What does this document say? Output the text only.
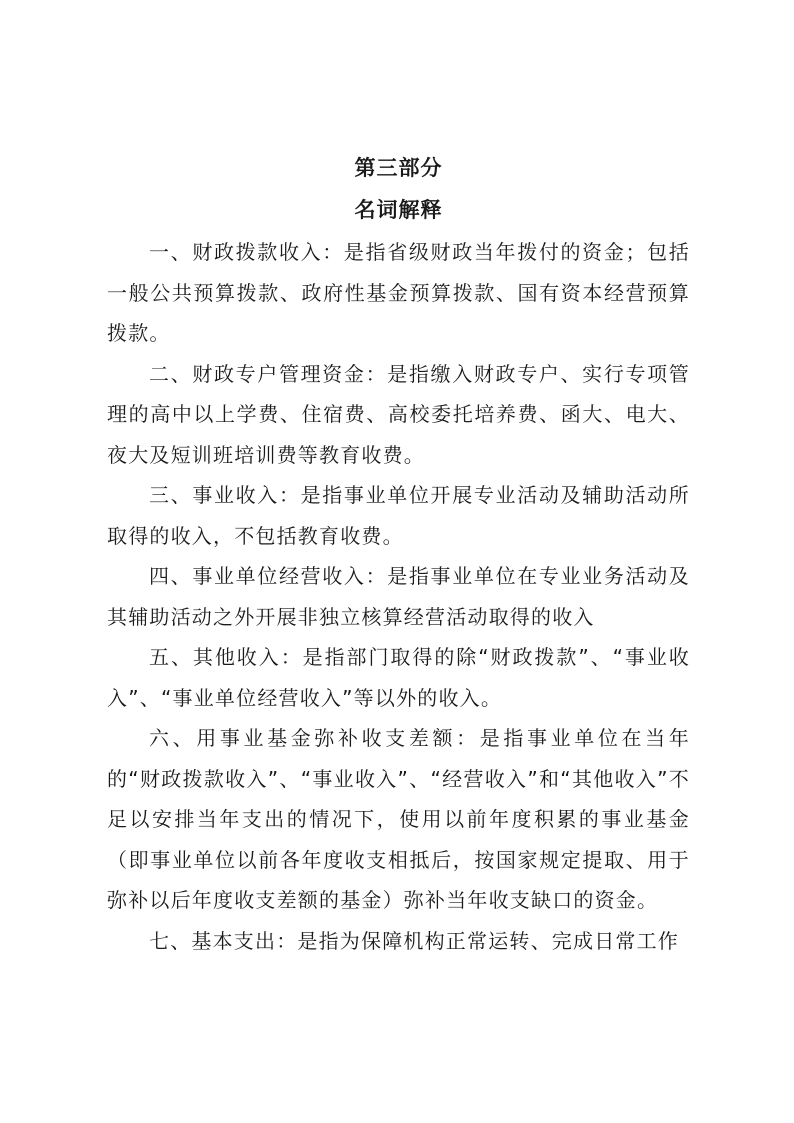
第三部分
名词解释

一、财政拨款收入：是指省级财政当年拨付的资金；包括一般公共预算拨款、政府性基金预算拨款、国有资本经营预算拨款。

二、财政专户管理资金：是指缴入财政专户、实行专项管理的高中以上学费、住宿费、高校委托培养费、函大、电大、夜大及短训班培训费等教育收费。

三、事业收入：是指事业单位开展专业活动及辅助活动所取得的收入，不包括教育收费。

四、事业单位经营收入：是指事业单位在专业业务活动及其辅助活动之外开展非独立核算经营活动取得的收入

五、其他收入：是指部门取得的除“财政拨款”、“事业收入”、“事业单位经营收入”等以外的收入。

六、用事业基金弥补收支差额：是指事业单位在当年的“财政拨款收入”、“事业收入”、“经营收入”和“其他收入”不足以安排当年支出的情况下，使用以前年度积累的事业基金（即事业单位以前各年度收支相抵后，按国家规定提取、用于弥补以后年度收支差额的基金）弥补当年收支缺口的资金。

七、基本支出：是指为保障机构正常运转、完成日常工作
